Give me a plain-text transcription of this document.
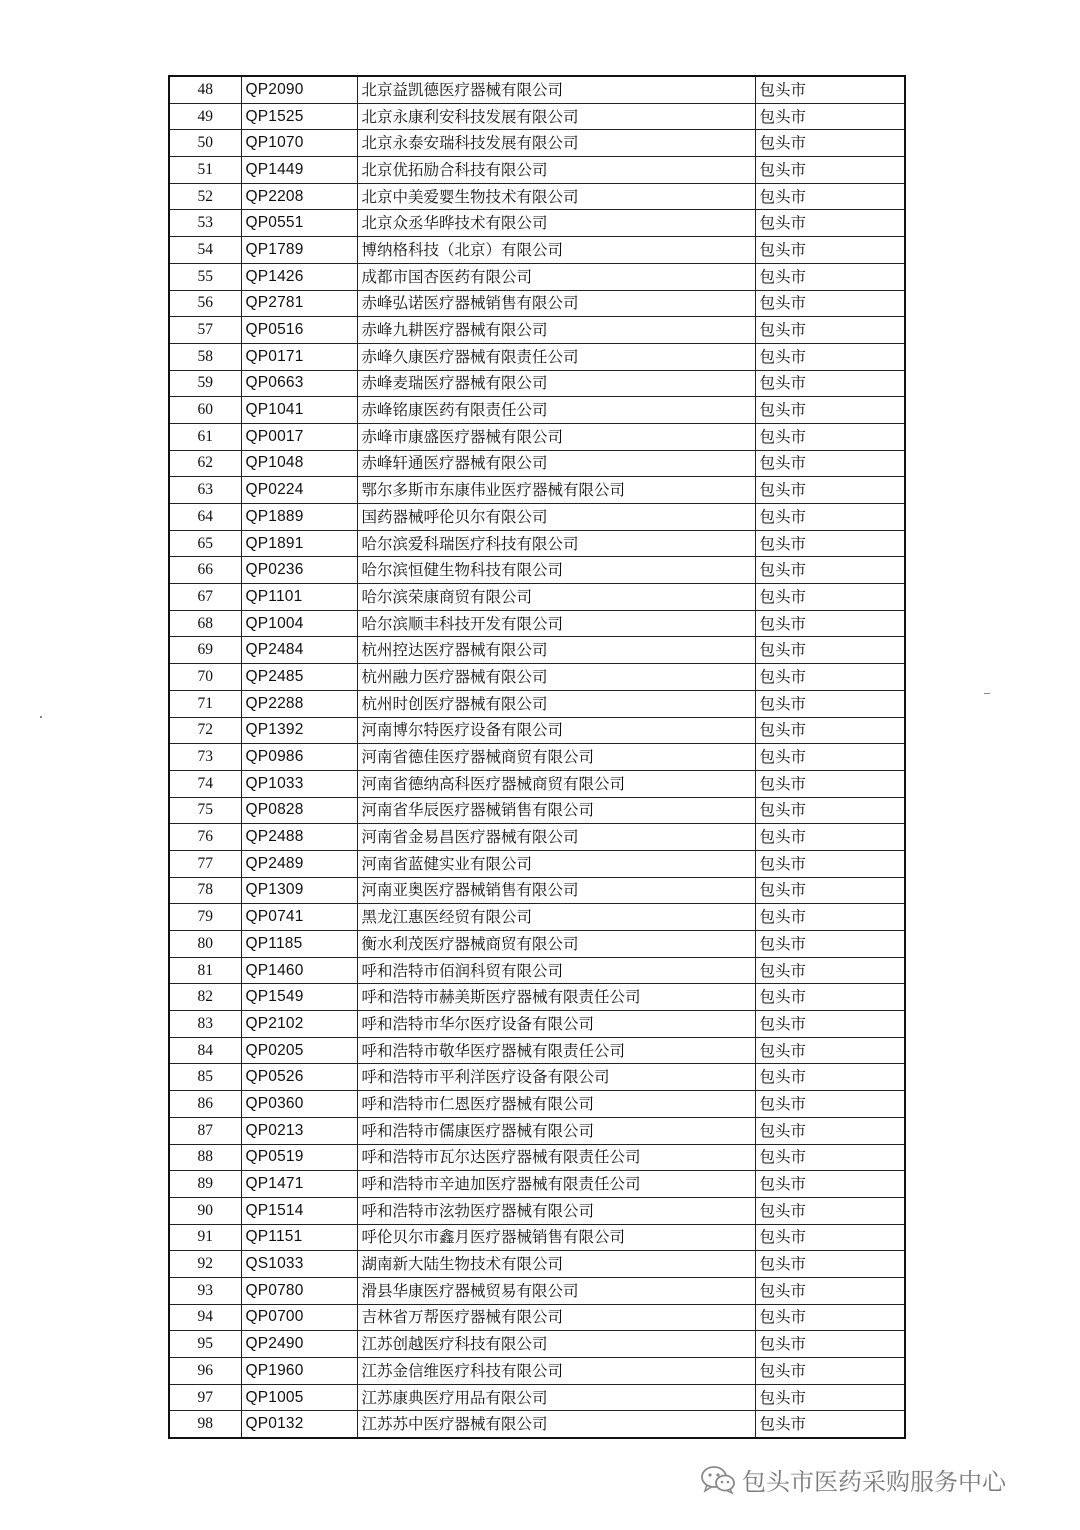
48	QP2090	北京益凯德医疗器械有限公司	包头市
49	QP1525	北京永康利安科技发展有限公司	包头市
50	QP1070	北京永泰安瑞科技发展有限公司	包头市
51	QP1449	北京优拓励合科技有限公司	包头市
52	QP2208	北京中美爱婴生物技术有限公司	包头市
53	QP0551	北京众丞华晔技术有限公司	包头市
54	QP1789	博纳格科技（北京）有限公司	包头市
55	QP1426	成都市国杏医药有限公司	包头市
56	QP2781	赤峰弘诺医疗器械销售有限公司	包头市
57	QP0516	赤峰九耕医疗器械有限公司	包头市
58	QP0171	赤峰久康医疗器械有限责任公司	包头市
59	QP0663	赤峰麦瑞医疗器械有限公司	包头市
60	QP1041	赤峰铭康医药有限责任公司	包头市
61	QP0017	赤峰市康盛医疗器械有限公司	包头市
62	QP1048	赤峰轩通医疗器械有限公司	包头市
63	QP0224	鄂尔多斯市东康伟业医疗器械有限公司	包头市
64	QP1889	国药器械呼伦贝尔有限公司	包头市
65	QP1891	哈尔滨爱科瑞医疗科技有限公司	包头市
66	QP0236	哈尔滨恒健生物科技有限公司	包头市
67	QP1101	哈尔滨荣康商贸有限公司	包头市
68	QP1004	哈尔滨顺丰科技开发有限公司	包头市
69	QP2484	杭州控达医疗器械有限公司	包头市
70	QP2485	杭州融力医疗器械有限公司	包头市
71	QP2288	杭州时创医疗器械有限公司	包头市
72	QP1392	河南博尔特医疗设备有限公司	包头市
73	QP0986	河南省德佳医疗器械商贸有限公司	包头市
74	QP1033	河南省德纳高科医疗器械商贸有限公司	包头市
75	QP0828	河南省华辰医疗器械销售有限公司	包头市
76	QP2488	河南省金易昌医疗器械有限公司	包头市
77	QP2489	河南省蓝健实业有限公司	包头市
78	QP1309	河南亚奥医疗器械销售有限公司	包头市
79	QP0741	黑龙江惠医经贸有限公司	包头市
80	QP1185	衡水利茂医疗器械商贸有限公司	包头市
81	QP1460	呼和浩特市佰润科贸有限公司	包头市
82	QP1549	呼和浩特市赫美斯医疗器械有限责任公司	包头市
83	QP2102	呼和浩特市华尔医疗设备有限公司	包头市
84	QP0205	呼和浩特市敬华医疗器械有限责任公司	包头市
85	QP0526	呼和浩特市平利洋医疗设备有限公司	包头市
86	QP0360	呼和浩特市仁恩医疗器械有限公司	包头市
87	QP0213	呼和浩特市儒康医疗器械有限公司	包头市
88	QP0519	呼和浩特市瓦尔达医疗器械有限责任公司	包头市
89	QP1471	呼和浩特市辛迪加医疗器械有限责任公司	包头市
90	QP1514	呼和浩特市泫勃医疗器械有限公司	包头市
91	QP1151	呼伦贝尔市鑫月医疗器械销售有限公司	包头市
92	QS1033	湖南新大陆生物技术有限公司	包头市
93	QP0780	滑县华康医疗器械贸易有限公司	包头市
94	QP0700	吉林省万帮医疗器械有限公司	包头市
95	QP2490	江苏创越医疗科技有限公司	包头市
96	QP1960	江苏金信维医疗科技有限公司	包头市
97	QP1005	江苏康典医疗用品有限公司	包头市
98	QP0132	江苏苏中医疗器械有限公司	包头市
包头市医药采购服务中心
